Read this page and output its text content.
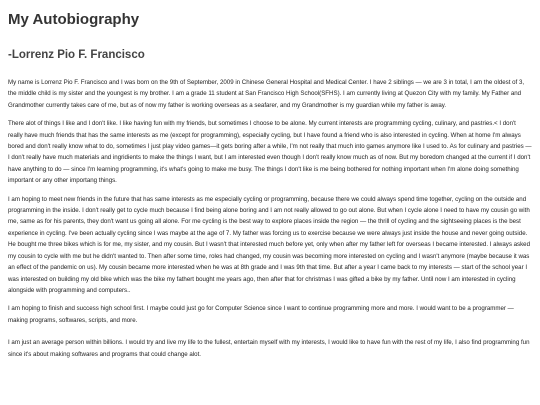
My Autobiography
-Lorrenz Pio F. Francisco

My name is Lorrenz Pio F. Francisco and I was born on the 9th of September, 2009 in Chinese General Hospital and Medical Center. I have 2 siblings — we are 3 in total, I am the oldest of 3, the middle child is my sister and the youngest is my brother. I am a grade 11 student at San Francisco High School(SFHS). I am currently living at Quezon City with my family. My Father and Grandmother currently takes care of me, but as of now my father is working overseas as a seafarer, and my Grandmother is my guardian while my father is away.

There alot of things I like and I don't like. I like having fun with my friends, but sometimes I choose to be alone. My current interests are programming cycling, culinary, and pastries.< I don't really have much friends that has the same interests as me (except for programming), especially cycling, but I have found a friend who is also interested in cycling. When at home I'm always bored and don't really know what to do, sometimes I just play video games—it gets boring after a while, I'm not really that much into games anymore like I used to. As for culinary and pastries — I don't really have much materials and ingridients to make the things I want, but I am interested even though I don't really know much as of now. But my boredom changed at the current if I don't have anything to do — since I'm learning programming, it's what's going to make me busy. The things I don't like is me being bothered for nothing important when I'm alone doing something important or any other importang things.

I am hoping to meet new friends in the future that has same interests as me especially cycling or programming, because there we could always spend time together, cycling on the outside and programming in the inside. I don't really get to cycle much because I find being alone boring and I am not really allowed to go out alone. But when I cycle alone I need to have my cousin go with me, same as for his parents, they don't want us going all alone. For me cycling is the best way to explore places inside the region — the thrill of cycling and the sightseeing places is the best experience in cycling. I've been actually cycling since I was maybe at the age of 7. My father was forcing us to exercise because we were always just inside the house and never going outside. He bought me three bikes which is for me, my sister, and my cousin. But I wasn't that interested much before yet, only when after my father left for overseas I became interested. I always asked my cousin to cycle with me but he didn't wanted to. Then after some time, roles had changed, my cousin was becoming more interested on cycling and I wasn't anymore (maybe because it was an effect of the pandemic on us). My cousin became more interested when he was at 8th grade and I was 9th that time. But after a year I came back to my interests — start of the school year I was interested on building my old bike which was the bike my fathert bought me years ago, then after that for christmas I was gifted a bike by my father. Until now I am interested in cycling alongside with programming and computers..

I am hoping to finish and success high school first. I maybe could just go for Computer Science since I want to continue programming more and more. I would want to be a programmer — making programs, softwares, scripts, and more.

I am just an average person within billions. I would try and live my life to the fullest, entertain myself with my interests, I would like to have fun with the rest of my life, I also find programming fun since it's about making softwares and programs that could change alot.
